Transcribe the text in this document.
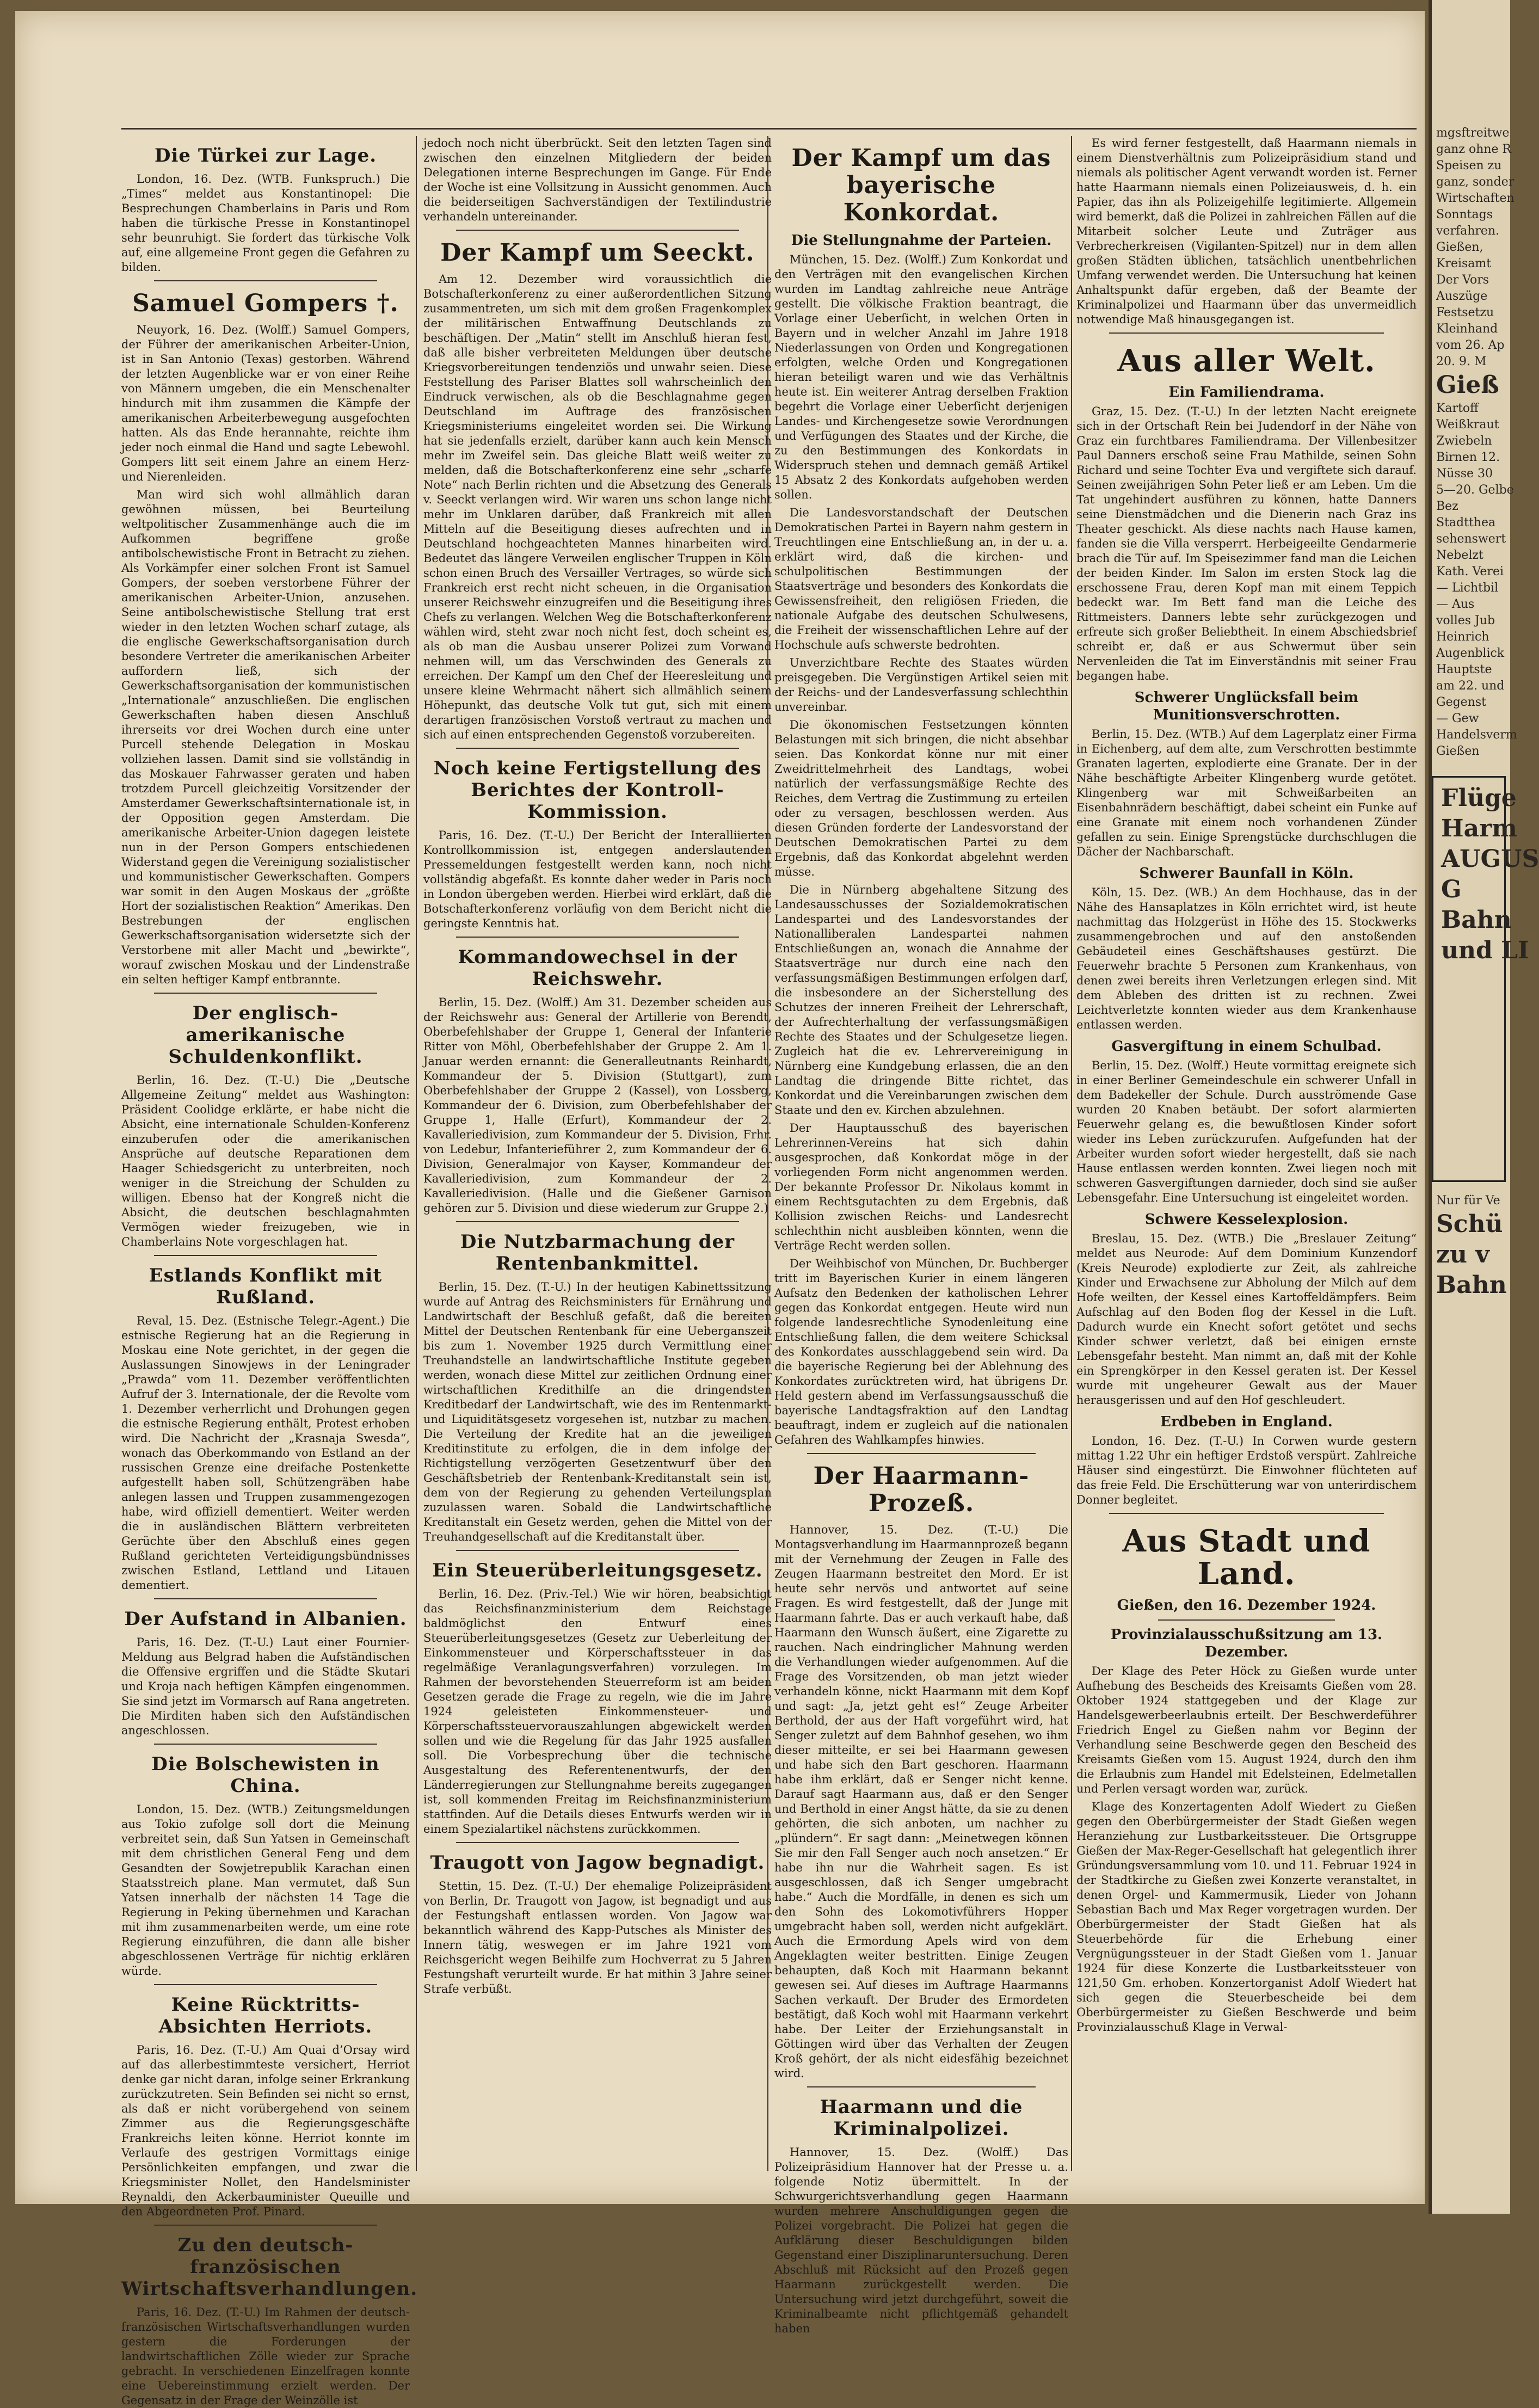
Die Türkei zur Lage.

London, 16. Dez. (WTB. Funkspruch.) Die „Times“ meldet aus Konstantinopel: Die Besprechungen Chamberlains in Paris und Rom haben die türkische Presse in Konstantinopel sehr beunruhigt. Sie fordert das türkische Volk auf, eine allgemeine Front gegen die Gefahren zu bilden.

Samuel Gompers †.

Neuyork, 16. Dez. (Wolff.) Samuel Gompers, der Führer der amerikanischen Arbeiter-Union, ist in San Antonio (Texas) gestorben. Während der letzten Augenblicke war er von einer Reihe von Männern umgeben, die ein Menschenalter hindurch mit ihm zusammen die Kämpfe der amerikanischen Arbeiterbewegung ausgefochten hatten. Als das Ende herannahte, reichte ihm jeder noch einmal die Hand und sagte Lebewohl. Gompers litt seit einem Jahre an einem Herz- und Nierenleiden.

Man wird sich wohl allmählich daran gewöhnen müssen, bei Beurteilung weltpolitischer Zusammenhänge auch die im Aufkommen begriffene große antibolschewistische Front in Betracht zu ziehen. Als Vorkämpfer einer solchen Front ist Samuel Gompers, der soeben verstorbene Führer der amerikanischen Arbeiter-Union, anzusehen. Seine antibolschewistische Stellung trat erst wieder in den letzten Wochen scharf zutage, als die englische Gewerkschaftsorganisation durch besondere Vertreter die amerikanischen Arbeiter auffordern ließ, sich der Gewerkschaftsorganisation der kommunistischen „Internationale“ anzuschließen. Die englischen Gewerkschaften haben diesen Anschluß ihrerseits vor drei Wochen durch eine unter Purcell stehende Delegation in Moskau vollziehen lassen. Damit sind sie vollständig in das Moskauer Fahrwasser geraten und haben trotzdem Purcell gleichzeitig Vorsitzender der Amsterdamer Gewerkschaftsinternationale ist, in der Opposition gegen Amsterdam. Die amerikanische Arbeiter-Union dagegen leistete nun in der Person Gompers entschiedenen Widerstand gegen die Vereinigung sozialistischer und kommunistischer Gewerkschaften. Gompers war somit in den Augen Moskaus der „größte Hort der sozialistischen Reaktion“ Amerikas. Den Bestrebungen der englischen Gewerkschaftsorganisation widersetzte sich der Verstorbene mit aller Macht und „bewirkte“, worauf zwischen Moskau und der Lindenstraße ein selten heftiger Kampf entbrannte.

Der englisch-amerikanische Schuldenkonflikt.

Berlin, 16. Dez. (T.-U.) Die „Deutsche Allgemeine Zeitung“ meldet aus Washington: Präsident Coolidge erklärte, er habe nicht die Absicht, eine internationale Schulden-Konferenz einzuberufen oder die amerikanischen Ansprüche auf deutsche Reparationen dem Haager Schiedsgericht zu unterbreiten, noch weniger in die Streichung der Schulden zu willigen. Ebenso hat der Kongreß nicht die Absicht, die deutschen beschlagnahmten Vermögen wieder freizugeben, wie in Chamberlains Note vorgeschlagen hat.

Estlands Konflikt mit Rußland.

Reval, 15. Dez. (Estnische Telegr.-Agent.) Die estnische Regierung hat an die Regierung in Moskau eine Note gerichtet, in der gegen die Auslassungen Sinowjews in der Leningrader „Prawda“ vom 11. Dezember veröffentlichten Aufruf der 3. Internationale, der die Revolte vom 1. Dezember verherrlicht und Drohungen gegen die estnische Regierung enthält, Protest erhoben wird. Die Nachricht der „Krasnaja Swesda“, wonach das Oberkommando von Estland an der russischen Grenze eine dreifache Postenkette aufgestellt haben soll, Schützengräben habe anlegen lassen und Truppen zusammengezogen habe, wird offiziell dementiert. Weiter werden die in ausländischen Blättern verbreiteten Gerüchte über den Abschluß eines gegen Rußland gerichteten Verteidigungsbündnisses zwischen Estland, Lettland und Litauen dementiert.

Der Aufstand in Albanien.

Paris, 16. Dez. (T.-U.) Laut einer Fournier-Meldung aus Belgrad haben die Aufständischen die Offensive ergriffen und die Städte Skutari und Kroja nach heftigen Kämpfen eingenommen. Sie sind jetzt im Vormarsch auf Rana angetreten. Die Mirditen haben sich den Aufständischen angeschlossen.

Die Bolschewisten in China.

London, 15. Dez. (WTB.) Zeitungsmeldungen aus Tokio zufolge soll dort die Meinung verbreitet sein, daß Sun Yatsen in Gemeinschaft mit dem christlichen General Feng und dem Gesandten der Sowjetrepublik Karachan einen Staatsstreich plane. Man vermutet, daß Sun Yatsen innerhalb der nächsten 14 Tage die Regierung in Peking übernehmen und Karachan mit ihm zusammenarbeiten werde, um eine rote Regierung einzuführen, die dann alle bisher abgeschlossenen Verträge für nichtig erklären würde.

Keine Rücktritts-Absichten Herriots.

Paris, 16. Dez. (T.-U.) Am Quai d’Orsay wird auf das allerbestimmteste versichert, Herriot denke gar nicht daran, infolge seiner Erkrankung zurückzutreten. Sein Befinden sei nicht so ernst, als daß er nicht vorübergehend von seinem Zimmer aus die Regierungsgeschäfte Frankreichs leiten könne. Herriot konnte im Verlaufe des gestrigen Vormittags einige Persönlichkeiten empfangen, und zwar die Kriegsminister Nollet, den Handelsminister Reynaldi, den Ackerbauminister Queuille und den Abgeordneten Prof. Pinard.

Zu den deutsch-französischen Wirtschaftsverhandlungen.

Paris, 16. Dez. (T.-U.) Im Rahmen der deutsch-französischen Wirtschaftsverhandlungen wurden gestern die Forderungen der landwirtschaftlichen Zölle wieder zur Sprache gebracht. In verschiedenen Einzelfragen konnte eine Uebereinstimmung erzielt werden. Der Gegensatz in der Frage der Weinzölle ist

jedoch noch nicht überbrückt. Seit den letzten Tagen sind zwischen den einzelnen Mitgliedern der beiden Delegationen interne Besprechungen im Gange. Für Ende der Woche ist eine Vollsitzung in Aussicht genommen. Auch die beiderseitigen Sachverständigen der Textilindustrie verhandeln untereinander.

Der Kampf um Seeckt.

Am 12. Dezember wird voraussichtlich die Botschafterkonferenz zu einer außerordentlichen Sitzung zusammentreten, um sich mit dem großen Fragenkomplex der militärischen Entwaffnung Deutschlands zu beschäftigen. Der „Matin“ stellt im Anschluß hieran fest, daß alle bisher verbreiteten Meldungen über deutsche Kriegsvorbereitungen tendenziös und unwahr seien. Diese Feststellung des Pariser Blattes soll wahrscheinlich den Eindruck verwischen, als ob die Beschlagnahme gegen Deutschland im Auftrage des französischen Kriegsministeriums eingeleitet worden sei. Die Wirkung hat sie jedenfalls erzielt, darüber kann auch kein Mensch mehr im Zweifel sein. Das gleiche Blatt weiß weiter zu melden, daß die Botschafterkonferenz eine sehr „scharfe Note“ nach Berlin richten und die Absetzung des Generals v. Seeckt verlangen wird. Wir waren uns schon lange nicht mehr im Unklaren darüber, daß Frankreich mit allen Mitteln auf die Beseitigung dieses aufrechten und in Deutschland hochgeachteten Mannes hinarbeiten wird. Bedeutet das längere Verweilen englischer Truppen in Köln schon einen Bruch des Versailler Vertrages, so würde sich Frankreich erst recht nicht scheuen, in die Organisation unserer Reichswehr einzugreifen und die Beseitigung ihres Chefs zu verlangen. Welchen Weg die Botschafterkonferenz wählen wird, steht zwar noch nicht fest, doch scheint es, als ob man die Ausbau unserer Polizei zum Vorwand nehmen will, um das Verschwinden des Generals zu erreichen. Der Kampf um den Chef der Heeresleitung und unsere kleine Wehrmacht nähert sich allmählich seinem Höhepunkt, das deutsche Volk tut gut, sich mit einem derartigen französischen Vorstoß vertraut zu machen und sich auf einen entsprechenden Gegenstoß vorzubereiten.

Noch keine Fertigstellung des Berichtes der Kontroll-Kommission.

Paris, 16. Dez. (T.-U.) Der Bericht der Interalliierten Kontrollkommission ist, entgegen anderslautenden Pressemeldungen festgestellt werden kann, noch nicht vollständig abgefaßt. Es konnte daher weder in Paris noch in London übergeben werden. Hierbei wird erklärt, daß die Botschafterkonferenz vorläufig von dem Bericht nicht die geringste Kenntnis hat.

Kommandowechsel in der Reichswehr.

Berlin, 15. Dez. (Wolff.) Am 31. Dezember scheiden aus der Reichswehr aus: General der Artillerie von Berendt, Oberbefehlshaber der Gruppe 1, General der Infanterie Ritter von Möhl, Oberbefehlshaber der Gruppe 2. Am 1. Januar werden ernannt: die Generalleutnants Reinhardt, Kommandeur der 5. Division (Stuttgart), zum Oberbefehlshaber der Gruppe 2 (Kassel), von Lossberg, Kommandeur der 6. Division, zum Oberbefehlshaber der Gruppe 1, Halle (Erfurt), Kommandeur der 2. Kavalleriedivision, zum Kommandeur der 5. Division, Frhr. von Ledebur, Infanterieführer 2, zum Kommandeur der 6. Division, Generalmajor von Kayser, Kommandeur der Kavalleriedivision, zum Kommandeur der 2. Kavalleriedivision. (Halle und die Gießener Garnison gehören zur 5. Division und diese wiederum zur Gruppe 2.)

Die Nutzbarmachung der Rentenbankmittel.

Berlin, 15. Dez. (T.-U.) In der heutigen Kabinettssitzung wurde auf Antrag des Reichsministers für Ernährung und Landwirtschaft der Beschluß gefaßt, daß die bereiten Mittel der Deutschen Rentenbank für eine Ueberganszeit bis zum 1. November 1925 durch Vermittlung einer Treuhandstelle an landwirtschaftliche Institute gegeben werden, wonach diese Mittel zur zeitlichen Ordnung einer wirtschaftlichen Kredithilfe an die dringendsten Kreditbedarf der Landwirtschaft, wie des im Rentenmarkt- und Liquiditätsgesetz vorgesehen ist, nutzbar zu machen. Die Verteilung der Kredite hat an die jeweiligen Kreditinstitute zu erfolgen, die in dem infolge der Richtigstellung verzögerten Gesetzentwurf über den Geschäftsbetrieb der Rentenbank-Kreditanstalt sein ist, dem von der Regierung zu gehenden Verteilungsplan zuzulassen waren. Sobald die Landwirtschaftliche Kreditanstalt ein Gesetz werden, gehen die Mittel von der Treuhandgesellschaft auf die Kreditanstalt über.

Ein Steuerüberleitungsgesetz.

Berlin, 16. Dez. (Priv.-Tel.) Wie wir hören, beabsichtigt das Reichsfinanzministerium dem Reichstage baldmöglichst den Entwurf eines Steuerüberleitungsgesetzes (Gesetz zur Ueberleitung der Einkommensteuer und Körperschaftssteuer in das regelmäßige Veranlagungsverfahren) vorzulegen. Im Rahmen der bevorstehenden Steuerreform ist am beiden Gesetzen gerade die Frage zu regeln, wie die im Jahre 1924 geleisteten Einkommensteuer- und Körperschaftssteuervorauszahlungen abgewickelt werden sollen und wie die Regelung für das Jahr 1925 ausfallen soll. Die Vorbesprechung über die technische Ausgestaltung des Referentenentwurfs, der den Länderregierungen zur Stellungnahme bereits zugegangen ist, soll kommenden Freitag im Reichsfinanzministerium stattfinden. Auf die Details dieses Entwurfs werden wir in einem Spezialartikel nächstens zurückkommen.

Traugott von Jagow begnadigt.

Stettin, 15. Dez. (T.-U.) Der ehemalige Polizeipräsident von Berlin, Dr. Traugott von Jagow, ist begnadigt und aus der Festungshaft entlassen worden. Von Jagow war bekanntlich während des Kapp-Putsches als Minister des Innern tätig, weswegen er im Jahre 1921 vom Reichsgericht wegen Beihilfe zum Hochverrat zu 5 Jahren Festungshaft verurteilt wurde. Er hat mithin 3 Jahre seiner Strafe verbüßt.

Der Kampf um das bayerische Konkordat.
Die Stellungnahme der Parteien.

München, 15. Dez. (Wolff.) Zum Konkordat und den Verträgen mit den evangelischen Kirchen wurden im Landtag zahlreiche neue Anträge gestellt. Die völkische Fraktion beantragt, die Vorlage einer Ueberſicht, in welchen Orten in Bayern und in welcher Anzahl im Jahre 1918 Niederlassungen von Orden und Kongregationen erfolgten, welche Orden und Kongregationen hieran beteiligt waren und wie das Verhältnis heute ist. Ein weiterer Antrag derselben Fraktion begehrt die Vorlage einer Ueberſicht derjenigen Landes- und Kirchengesetze sowie Verordnungen und Verfügungen des Staates und der Kirche, die zu den Bestimmungen des Konkordats in Widerspruch stehen und demnach gemäß Artikel 15 Absatz 2 des Konkordats aufgehoben werden sollen.

Die Landesvorstandschaft der Deutschen Demokratischen Partei in Bayern nahm gestern in Treuchtlingen eine Entschließung an, in der u. a. erklärt wird, daß die kirchen- und schulpolitischen Bestimmungen der Staatsverträge und besonders des Konkordats die Gewissensfreiheit, den religiösen Frieden, die nationale Aufgabe des deutschen Schulwesens, die Freiheit der wissenschaftlichen Lehre auf der Hochschule aufs schwerste bedrohten.

Unverzichtbare Rechte des Staates würden preisgegeben. Die Vergünstigen Artikel seien mit der Reichs- und der Landesverfassung schlechthin unvereinbar.

Die ökonomischen Festsetzungen könnten Belastungen mit sich bringen, die nicht absehbar seien. Das Konkordat könne nur mit einer Zweidrittelmehrheit des Landtags, wobei natürlich der verfassungsmäßige Rechte des Reiches, dem Vertrag die Zustimmung zu erteilen oder zu versagen, beschlossen werden. Aus diesen Gründen forderte der Landesvorstand der Deutschen Demokratischen Partei zu dem Ergebnis, daß das Konkordat abgelehnt werden müsse.

Die in Nürnberg abgehaltene Sitzung des Landesausschusses der Sozialdemokratischen Landespartei und des Landesvorstandes der Nationalliberalen Landespartei nahmen Entschließungen an, wonach die Annahme der Staatsverträge nur durch eine nach den verfassungsmäßigen Bestimmungen erfolgen darf, die insbesondere an der Sicherstellung des Schutzes der inneren Freiheit der Lehrerschaft, der Aufrechterhaltung der verfassungsmäßigen Rechte des Staates und der Schulgesetze liegen. Zugleich hat die ev. Lehrervereinigung in Nürnberg eine Kundgebung erlassen, die an den Landtag die dringende Bitte richtet, das Konkordat und die Vereinbarungen zwischen dem Staate und den ev. Kirchen abzulehnen.

Der Hauptausschuß des bayerischen Lehrerinnen-Vereins hat sich dahin ausgesprochen, daß Konkordat möge in der vorliegenden Form nicht angenommen werden. Der bekannte Professor Dr. Nikolaus kommt in einem Rechtsgutachten zu dem Ergebnis, daß Kollision zwischen Reichs- und Landesrecht schlechthin nicht ausbleiben könnten, wenn die Verträge Recht werden sollen.

Der Weihbischof von München, Dr. Buchberger tritt im Bayerischen Kurier in einem längeren Aufsatz den Bedenken der katholischen Lehrer gegen das Konkordat entgegen. Heute wird nun folgende landesrechtliche Synodenleitung eine Entschließung fallen, die dem weitere Schicksal des Konkordates ausschlaggebend sein wird. Da die bayerische Regierung bei der Ablehnung des Konkordates zurücktreten wird, hat übrigens Dr. Held gestern abend im Verfassungsausschuß die bayerische Landtagsfraktion auf den Landtag beauftragt, indem er zugleich auf die nationalen Gefahren des Wahlkampfes hinwies.

Der Haarmann-Prozeß.

Hannover, 15. Dez. (T.-U.) Die Montagsverhandlung im Haarmannprozeß begann mit der Vernehmung der Zeugen in Falle des Zeugen Haarmann bestreitet den Mord. Er ist heute sehr nervös und antwortet auf seine Fragen. Es wird festgestellt, daß der Junge mit Haarmann fahrte. Das er auch verkauft habe, daß Haarmann den Wunsch äußert, eine Zigarette zu rauchen. Nach eindringlicher Mahnung werden die Verhandlungen wieder aufgenommen. Auf die Frage des Vorsitzenden, ob man jetzt wieder verhandeln könne, nickt Haarmann mit dem Kopf und sagt: „Ja, jetzt geht es!“ Zeuge Arbeiter Berthold, der aus der Haft vorgeführt wird, hat Senger zuletzt auf dem Bahnhof gesehen, wo ihm dieser mitteilte, er sei bei Haarmann gewesen und habe sich den Bart geschoren. Haarmann habe ihm erklärt, daß er Senger nicht kenne. Darauf sagt Haarmann aus, daß er den Senger und Berthold in einer Angst hätte, da sie zu denen gehörten, die sich anboten, um nachher zu „plündern“. Er sagt dann: „Meinetwegen können Sie mir den Fall Senger auch noch ansetzen.“ Er habe ihn nur die Wahrheit sagen. Es ist ausgeschlossen, daß ich Senger umgebracht habe.“ Auch die Mordfälle, in denen es sich um den Sohn des Lokomotivführers Hopper umgebracht haben soll, werden nicht aufgeklärt. Auch die Ermordung Apels wird von dem Angeklagten weiter bestritten. Einige Zeugen behaupten, daß Koch mit Haarmann bekannt gewesen sei. Auf dieses im Auftrage Haarmanns Sachen verkauft. Der Bruder des Ermordeten bestätigt, daß Koch wohl mit Haarmann verkehrt habe. Der Leiter der Erziehungsanstalt in Göttingen wird über das Verhalten der Zeugen Kroß gehört, der als nicht eidesfähig bezeichnet wird.

Haarmann und die Kriminalpolizei.

Hannover, 15. Dez. (Wolff.) Das Polizeipräsidium Hannover hat der Presse u. a. folgende Notiz übermittelt. In der Schwurgerichtsverhandlung gegen Haarmann wurden mehrere Anschuldigungen gegen die Polizei vorgebracht. Die Polizei hat gegen die Aufklärung dieser Beschuldigungen bilden Gegenstand einer Disziplinaruntersuchung. Deren Abschluß mit Rücksicht auf den Prozeß gegen Haarmann zurückgestellt werden. Die Untersuchung wird jetzt durchgeführt, soweit die Kriminalbeamte nicht pflichtgemäß gehandelt haben

Es wird ferner festgestellt, daß Haarmann niemals in einem Dienstverhältnis zum Polizeipräsidium stand und niemals als politischer Agent verwandt worden ist. Ferner hatte Haarmann niemals einen Polizeiausweis, d. h. ein Papier, das ihn als Polizeigehilfe legitimierte. Allgemein wird bemerkt, daß die Polizei in zahlreichen Fällen auf die Mitarbeit solcher Leute und Zuträger aus Verbrecherkreisen (Vigilanten-Spitzel) nur in dem allen großen Städten üblichen, tatsächlich unentbehrlichen Umfang verwendet werden. Die Untersuchung hat keinen Anhaltspunkt dafür ergeben, daß der Beamte der Kriminalpolizei und Haarmann über das unvermeidlich notwendige Maß hinausgegangen ist.

Aus aller Welt.
Ein Familiendrama.

Graz, 15. Dez. (T.-U.) In der letzten Nacht ereignete sich in der Ortschaft Rein bei Judendorf in der Nähe von Graz ein furchtbares Familiendrama. Der Villenbesitzer Paul Danners erschoß seine Frau Mathilde, seinen Sohn Richard und seine Tochter Eva und vergiftete sich darauf. Seinen zweijährigen Sohn Peter ließ er am Leben. Um die Tat ungehindert ausführen zu können, hatte Danners seine Dienstmädchen und die Dienerin nach Graz ins Theater geschickt. Als diese nachts nach Hause kamen, fanden sie die Villa versperrt. Herbeigeeilte Gendarmerie brach die Tür auf. Im Speisezimmer fand man die Leichen der beiden Kinder. Im Salon im ersten Stock lag die erschossene Frau, deren Kopf man mit einem Teppich bedeckt war. Im Bett fand man die Leiche des Rittmeisters. Danners lebte sehr zurückgezogen und erfreute sich großer Beliebtheit. In einem Abschiedsbrief schreibt er, daß er aus Schwermut über sein Nervenleiden die Tat im Einverständnis mit seiner Frau begangen habe.

Schwerer Unglücksfall beim Munitionsverschrotten.

Berlin, 15. Dez. (WTB.) Auf dem Lagerplatz einer Firma in Eichenberg, auf dem alte, zum Verschrotten bestimmte Granaten lagerten, explodierte eine Granate. Der in der Nähe beschäftigte Arbeiter Klingenberg wurde getötet. Klingenberg war mit Schweißarbeiten an Eisenbahnrädern beschäftigt, dabei scheint ein Funke auf eine Granate mit einem noch vorhandenen Zünder gefallen zu sein. Einige Sprengstücke durchschlugen die Dächer der Nachbarschaft.

Schwerer Baunfall in Köln.

Köln, 15. Dez. (WB.) An dem Hochhause, das in der Nähe des Hansaplatzes in Köln errichtet wird, ist heute nachmittag das Holzgerüst in Höhe des 15. Stockwerks zusammengebrochen und auf den anstoßenden Gebäudeteil eines Geschäftshauses gestürzt. Die Feuerwehr brachte 5 Personen zum Krankenhaus, von denen zwei bereits ihren Verletzungen erlegen sind. Mit dem Ableben des dritten ist zu rechnen. Zwei Leichtverletzte konnten wieder aus dem Krankenhause entlassen werden.

Gasvergiftung in einem Schulbad.

Berlin, 15. Dez. (Wolff.) Heute vormittag ereignete sich in einer Berliner Gemeindeschule ein schwerer Unfall in dem Badekeller der Schule. Durch ausströmende Gase wurden 20 Knaben betäubt. Der sofort alarmierten Feuerwehr gelang es, die bewußtlosen Kinder sofort wieder ins Leben zurückzurufen. Aufgefunden hat der Arbeiter wurden sofort wieder hergestellt, daß sie nach Hause entlassen werden konnten. Zwei liegen noch mit schweren Gasvergiftungen darnieder, doch sind sie außer Lebensgefahr. Eine Untersuchung ist eingeleitet worden.

Schwere Kesselexplosion.

Breslau, 15. Dez. (WTB.) Die „Breslauer Zeitung“ meldet aus Neurode: Auf dem Dominium Kunzendorf (Kreis Neurode) explodierte zur Zeit, als zahlreiche Kinder und Erwachsene zur Abholung der Milch auf dem Hofe weilten, der Kessel eines Kartoffeldämpfers. Beim Aufschlag auf den Boden flog der Kessel in die Luft. Dadurch wurde ein Knecht sofort getötet und sechs Kinder schwer verletzt, daß bei einigen ernste Lebensgefahr besteht. Man nimmt an, daß mit der Kohle ein Sprengkörper in den Kessel geraten ist. Der Kessel wurde mit ungeheurer Gewalt aus der Mauer herausgerissen und auf den Hof geschleudert.

Erdbeben in England.

London, 16. Dez. (T.-U.) In Corwen wurde gestern mittag 1.22 Uhr ein heftiger Erdstoß verspürt. Zahlreiche Häuser sind eingestürzt. Die Einwohner flüchteten auf das freie Feld. Die Erschütterung war von unterirdischem Donner begleitet.

Aus Stadt und Land.
Gießen, den 16. Dezember 1924.
Provinzialausschußsitzung am 13. Dezember.

Der Klage des Peter Höck zu Gießen wurde unter Aufhebung des Bescheids des Kreisamts Gießen vom 28. Oktober 1924 stattgegeben und der Klage zur Handelsgewerbeerlaubnis erteilt. Der Beschwerdeführer Friedrich Engel zu Gießen nahm vor Beginn der Verhandlung seine Beschwerde gegen den Bescheid des Kreisamts Gießen vom 15. August 1924, durch den ihm die Erlaubnis zum Handel mit Edelsteinen, Edelmetallen und Perlen versagt worden war, zurück.

Klage des Konzertagenten Adolf Wiedert zu Gießen gegen den Oberbürgermeister der Stadt Gießen wegen Heranziehung zur Lustbarkeitssteuer. Die Ortsgruppe Gießen der Max-Reger-Gesellschaft hat gelegentlich ihrer Gründungsversammlung vom 10. und 11. Februar 1924 in der Stadtkirche zu Gießen zwei Konzerte veranstaltet, in denen Orgel- und Kammermusik, Lieder von Johann Sebastian Bach und Max Reger vorgetragen wurden. Der Oberbürgermeister der Stadt Gießen hat als Steuerbehörde für die Erhebung einer Vergnügungssteuer in der Stadt Gießen vom 1. Januar 1924 für diese Konzerte die Lustbarkeitssteuer von 121,50 Gm. erhoben. Konzertorganist Adolf Wiedert hat sich gegen die Steuerbescheide bei dem Oberbürgermeister zu Gießen Beschwerde und beim Provinzialausschuß Klage in Verwal-

mgsftreitwe
ganz ohne R
Speisen zu
ganz, sonder
Wirtschaften
Sonntags
verfahren.
Gießen,
Kreisamt
Der Vors
Auszüge
Festsetzu
Kleinhand
vom 26. Ap
20. 9. M
Gieß
Kartoff
Weißkraut
Zwiebeln
Birnen 12.
Nüsse 30
5—20. Gelbe
Bez
Stadtthea
sehenswert
Nebelzt
Kath. Verei
— Lichtbil
— Aus
volles Jub
Heinrich
Augenblick
Hauptste
am 22. und
Gegenst
— Gew
Handelsverm
Gießen
Flüge
Harm
AUGUS
G
Bahn
und LI
Nur für Ve
Schü
zu v
Bahn
